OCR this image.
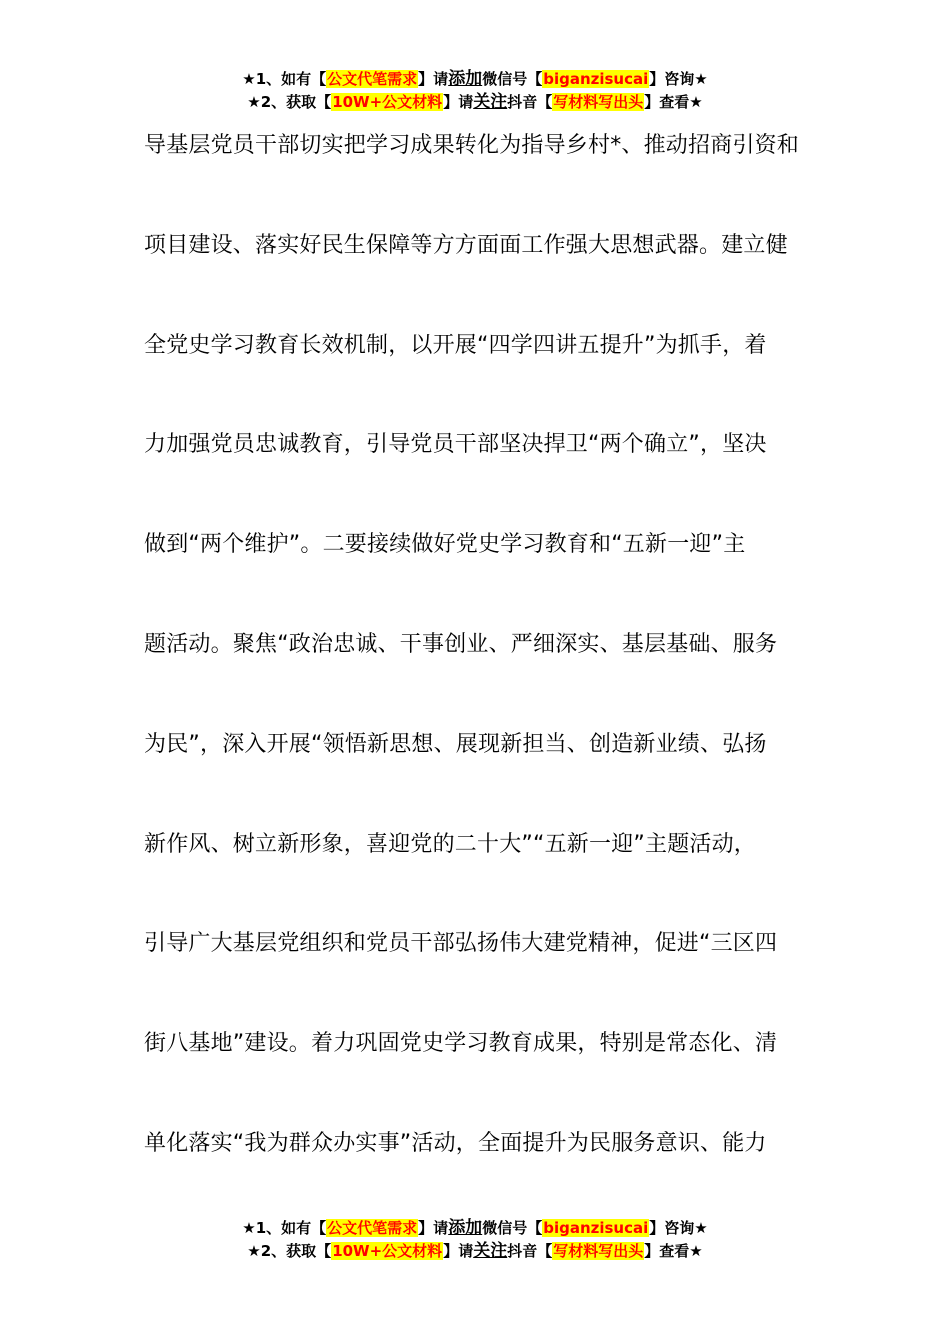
★1、如有【公文代笔需求】请添加微信号【biganzisucai】咨询★
★2、获取【10W+公文材料】请关注抖音【写材料写出头】查看★
导基层党员干部切实把学习成果转化为指导乡村*、推动招商引资和
项目建设、落实好民生保障等方方面面工作强大思想武器。建立健
全党史学习教育长效机制，以开展“四学四讲五提升”为抓手，着
力加强党员忠诚教育，引导党员干部坚决捍卫“两个确立”，坚决
做到“两个维护”。二要接续做好党史学习教育和“五新一迎”主
题活动。聚焦“政治忠诚、干事创业、严细深实、基层基础、服务
为民”，深入开展“领悟新思想、展现新担当、创造新业绩、弘扬
新作风、树立新形象，喜迎党的二十大”“五新一迎”主题活动，
引导广大基层党组织和党员干部弘扬伟大建党精神，促进“三区四
街八基地”建设。着力巩固党史学习教育成果，特别是常态化、清
单化落实“我为群众办实事”活动，全面提升为民服务意识、能力
★1、如有【公文代笔需求】请添加微信号【biganzisucai】咨询★
★2、获取【10W+公文材料】请关注抖音【写材料写出头】查看★
